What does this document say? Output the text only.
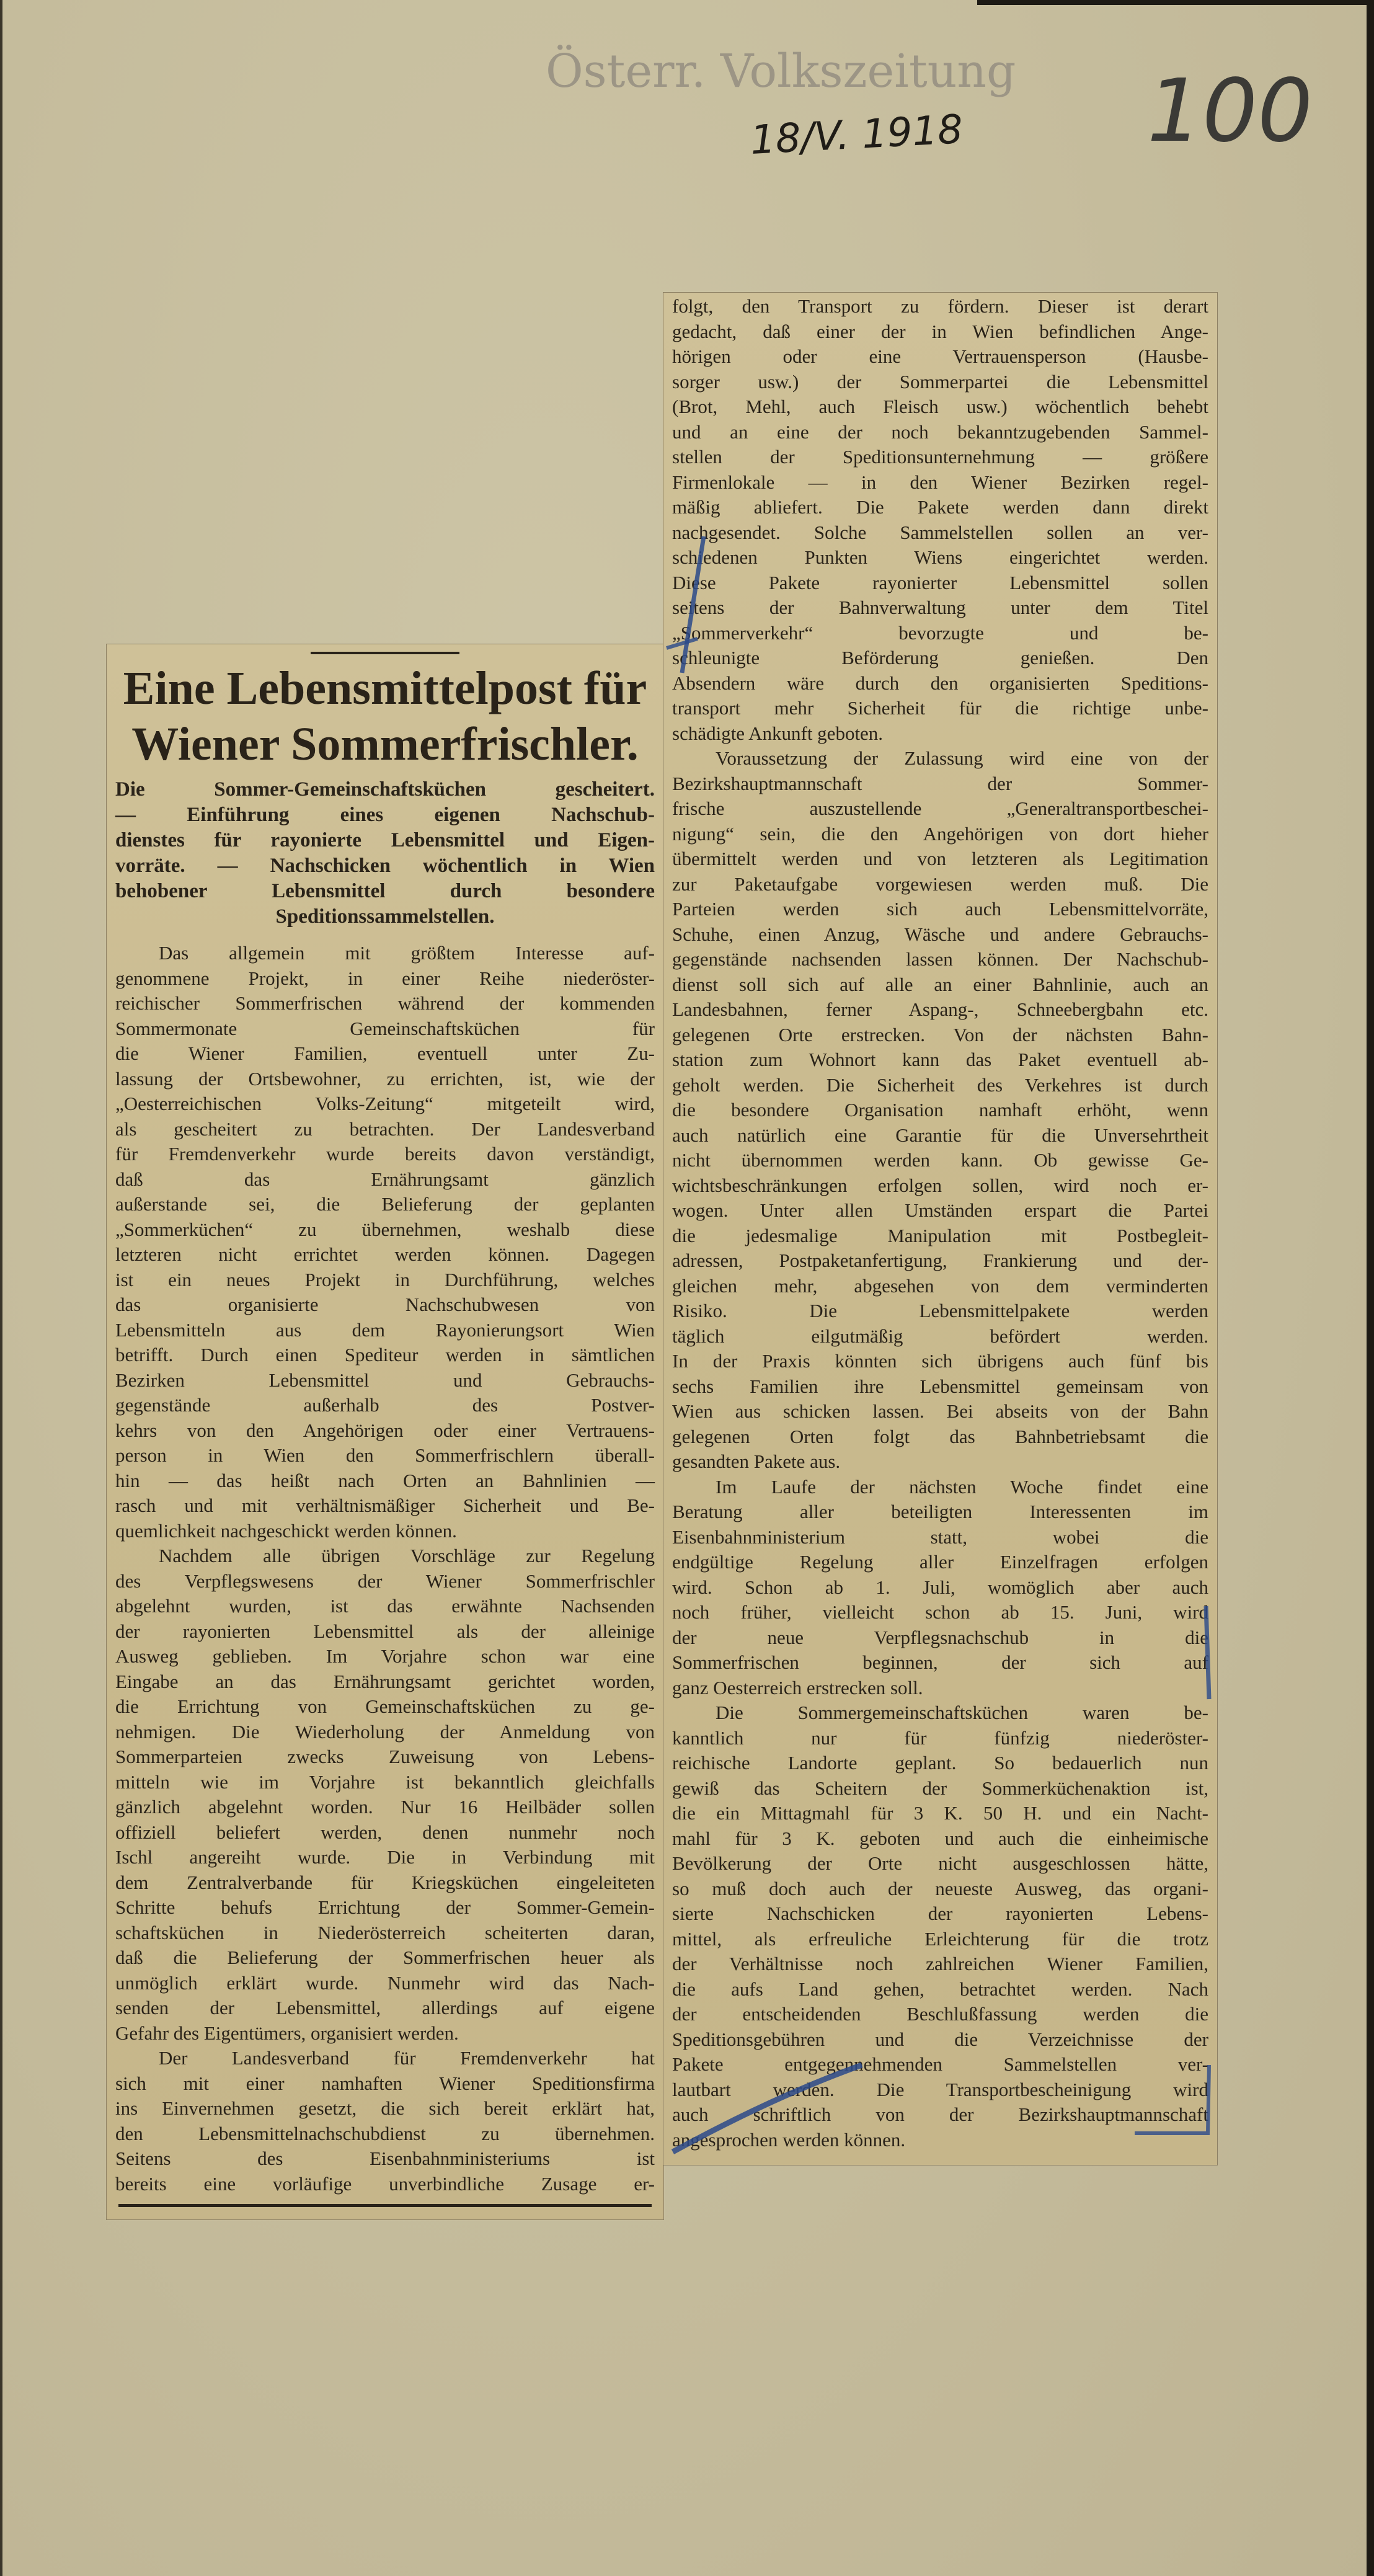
Österr. Volkszeitung
18/V. 1918 100
Eine Lebensmittelpost für
Wiener Sommerfrischler.
Die Sommer-Gemeinschaftsküchen gescheitert.
— Einführung eines eigenen Nachschub-
dienstes für rayonierte Lebensmittel und Eigen-
vorräte. — Nachschicken wöchentlich in Wien
behobener Lebensmittel durch besondere
Speditionssammelstellen.
Das allgemein mit größtem Interesse auf-
genommene Projekt, in einer Reihe niederöster-
reichischer Sommerfrischen während der kommenden
Sommermonate Gemeinschaftsküchen für
die Wiener Familien, eventuell unter Zu-
lassung der Ortsbewohner, zu errichten, ist, wie der
„Oesterreichischen Volks-Zeitung“ mitgeteilt wird,
als gescheitert zu betrachten. Der Landesverband
für Fremdenverkehr wurde bereits davon verständigt,
daß das Ernährungsamt gänzlich
außerstande sei, die Belieferung der geplanten
„Sommerküchen“ zu übernehmen, weshalb diese
letzteren nicht errichtet werden können. Dagegen
ist ein neues Projekt in Durchführung, welches
das organisierte Nachschubwesen von
Lebensmitteln aus dem Rayonierungsort Wien
betrifft. Durch einen Spediteur werden in sämtlichen
Bezirken Lebensmittel und Gebrauchs-
gegenstände außerhalb des Postver-
kehrs von den Angehörigen oder einer Vertrauens-
person in Wien den Sommerfrischlern überall-
hin — das heißt nach Orten an Bahnlinien —
rasch und mit verhältnismäßiger Sicherheit und Be-
quemlichkeit nachgeschickt werden können.
Nachdem alle übrigen Vorschläge zur Regelung
des Verpflegswesens der Wiener Sommerfrischler
abgelehnt wurden, ist das erwähnte Nachsenden
der rayonierten Lebensmittel als der alleinige
Ausweg geblieben. Im Vorjahre schon war eine
Eingabe an das Ernährungsamt gerichtet worden,
die Errichtung von Gemeinschaftsküchen zu ge-
nehmigen. Die Wiederholung der Anmeldung von
Sommerparteien zwecks Zuweisung von Lebens-
mitteln wie im Vorjahre ist bekanntlich gleichfalls
gänzlich abgelehnt worden. Nur 16 Heilbäder sollen
offiziell beliefert werden, denen nunmehr noch
Ischl angereiht wurde. Die in Verbindung mit
dem Zentralverbande für Kriegsküchen eingeleiteten
Schritte behufs Errichtung der Sommer-Gemein-
schaftsküchen in Niederösterreich scheiterten daran,
daß die Belieferung der Sommerfrischen heuer als
unmöglich erklärt wurde. Nunmehr wird das Nach-
senden der Lebensmittel, allerdings auf eigene
Gefahr des Eigentümers, organisiert werden.
Der Landesverband für Fremdenverkehr hat
sich mit einer namhaften Wiener Speditionsfirma
ins Einvernehmen gesetzt, die sich bereit erklärt hat,
den Lebensmittelnachschubdienst zu übernehmen.
Seitens des Eisenbahnministeriums ist
bereits eine vorläufige unverbindliche Zusage er-
folgt, den Transport zu fördern. Dieser ist derart
gedacht, daß einer der in Wien befindlichen Ange-
hörigen oder eine Vertrauensperson (Hausbe-
sorger usw.) der Sommerpartei die Lebensmittel
(Brot, Mehl, auch Fleisch usw.) wöchentlich behebt
und an eine der noch bekanntzugebenden Sammel-
stellen der Speditionsunternehmung — größere
Firmenlokale — in den Wiener Bezirken regel-
mäßig abliefert. Die Pakete werden dann direkt
nachgesendet. Solche Sammelstellen sollen an ver-
schiedenen Punkten Wiens eingerichtet werden.
Diese Pakete rayonierter Lebensmittel sollen
seitens der Bahnverwaltung unter dem Titel
„Sommerverkehr“ bevorzugte und be-
schleunigte Beförderung genießen. Den
Absendern wäre durch den organisierten Speditions-
transport mehr Sicherheit für die richtige unbe-
schädigte Ankunft geboten.
Voraussetzung der Zulassung wird eine von der
Bezirkshauptmannschaft der Sommer-
frische auszustellende „Generaltransportbeschei-
nigung“ sein, die den Angehörigen von dort hieher
übermittelt werden und von letzteren als Legitimation
zur Paketaufgabe vorgewiesen werden muß. Die
Parteien werden sich auch Lebensmittelvorräte,
Schuhe, einen Anzug, Wäsche und andere Gebrauchs-
gegenstände nachsenden lassen können. Der Nachschub-
dienst soll sich auf alle an einer Bahnlinie, auch an
Landesbahnen, ferner Aspang-, Schneebergbahn etc.
gelegenen Orte erstrecken. Von der nächsten Bahn-
station zum Wohnort kann das Paket eventuell ab-
geholt werden. Die Sicherheit des Verkehres ist durch
die besondere Organisation namhaft erhöht, wenn
auch natürlich eine Garantie für die Unversehrtheit
nicht übernommen werden kann. Ob gewisse Ge-
wichtsbeschränkungen erfolgen sollen, wird noch er-
wogen. Unter allen Umständen erspart die Partei
die jedesmalige Manipulation mit Postbegleit-
adressen, Postpaketanfertigung, Frankierung und der-
gleichen mehr, abgesehen von dem verminderten
Risiko. Die Lebensmittelpakete werden
täglich eilgutmäßig befördert werden.
In der Praxis könnten sich übrigens auch fünf bis
sechs Familien ihre Lebensmittel gemeinsam von
Wien aus schicken lassen. Bei abseits von der Bahn
gelegenen Orten folgt das Bahnbetriebsamt die
gesandten Pakete aus.
Im Laufe der nächsten Woche findet eine
Beratung aller beteiligten Interessenten im
Eisenbahnministerium statt, wobei die
endgültige Regelung aller Einzelfragen erfolgen
wird. Schon ab 1. Juli, womöglich aber auch
noch früher, vielleicht schon ab 15. Juni, wird
der neue Verpflegsnachschub in die
Sommerfrischen beginnen, der sich auf
ganz Oesterreich erstrecken soll.
Die Sommergemeinschaftsküchen waren be-
kanntlich nur für fünfzig niederöster-
reichische Landorte geplant. So bedauerlich nun
gewiß das Scheitern der Sommerküchenaktion ist,
die ein Mittagmahl für 3 K. 50 H. und ein Nacht-
mahl für 3 K. geboten und auch die einheimische
Bevölkerung der Orte nicht ausgeschlossen hätte,
so muß doch auch der neueste Ausweg, das organi-
sierte Nachschicken der rayonierten Lebens-
mittel, als erfreuliche Erleichterung für die trotz
der Verhältnisse noch zahlreichen Wiener Familien,
die aufs Land gehen, betrachtet werden. Nach
der entscheidenden Beschlußfassung werden die
Speditionsgebühren und die Verzeichnisse der
Pakete entgegennehmenden Sammelstellen ver-
lautbart werden. Die Transportbescheinigung wird
auch schriftlich von der Bezirkshauptmannschaft
angesprochen werden können.
